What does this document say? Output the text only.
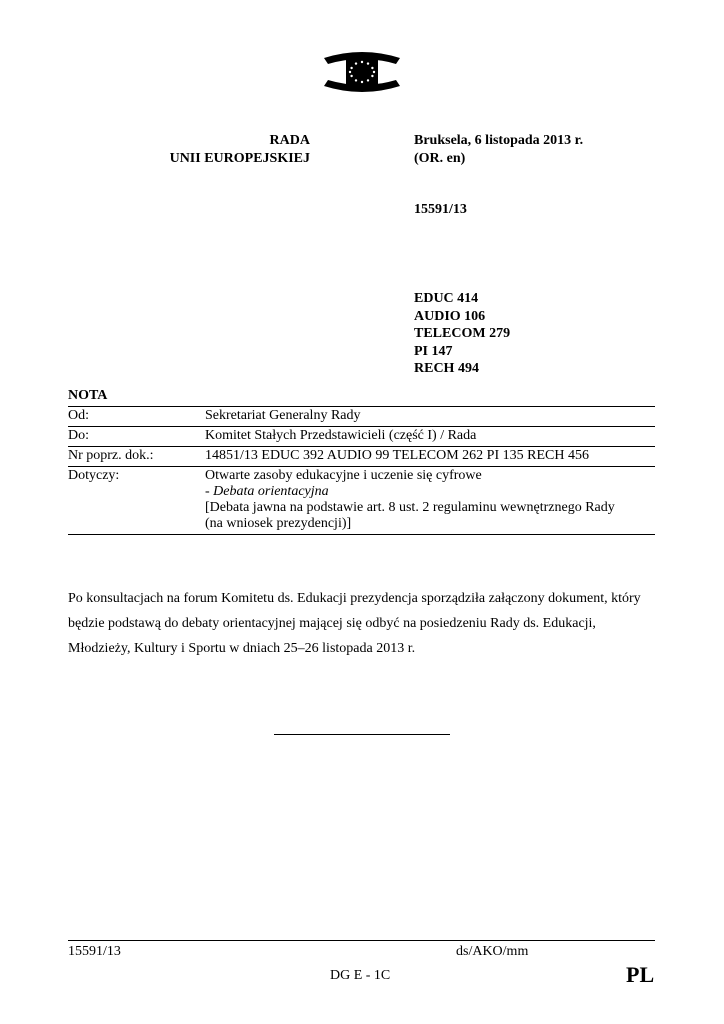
RADA
UNII EUROPEJSKIEJ
Bruksela, 6 listopada 2013 r.
(OR. en)
15591/13
EDUC 414
AUDIO 106
TELECOM 279
PI 147
RECH 494
NOTA
Od:	Sekretariat Generalny Rady
Do:	Komitet Stałych Przedstawicieli (część I) / Rada
Nr poprz. dok.:	14851/13 EDUC 392 AUDIO 99 TELECOM 262 PI 135 RECH 456
Dotyczy:	Otwarte zasoby edukacyjne i uczenie się cyfrowe
- Debata orientacyjna
[Debata jawna na podstawie art. 8 ust. 2 regulaminu wewnętrznego Rady
(na wniosek prezydencji)]
Po konsultacjach na forum Komitetu ds. Edukacji prezydencja sporządziła załączony dokument, który będzie podstawą do debaty orientacyjnej mającej się odbyć na posiedzeniu Rady ds. Edukacji, Młodzieży, Kultury i Sportu w dniach 25–26 listopada 2013 r.
15591/13	ds/AKO/mm
DG E - 1C	PL
